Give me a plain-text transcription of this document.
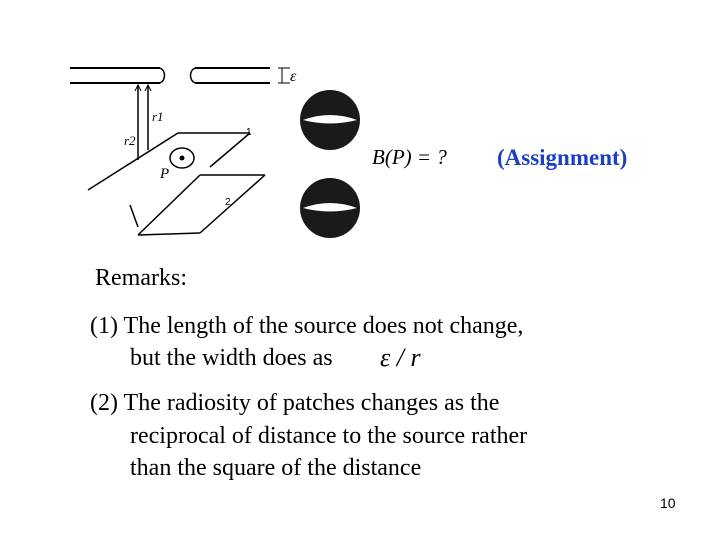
ε
r1
r2
1
P
2
B(P) = ? (Assignment)
Remarks:
(1) The length of the source does not change,
but the width does as ε / r
(2) The radiosity of patches changes as the
reciprocal of distance to the source rather
than the square of the distance
10
